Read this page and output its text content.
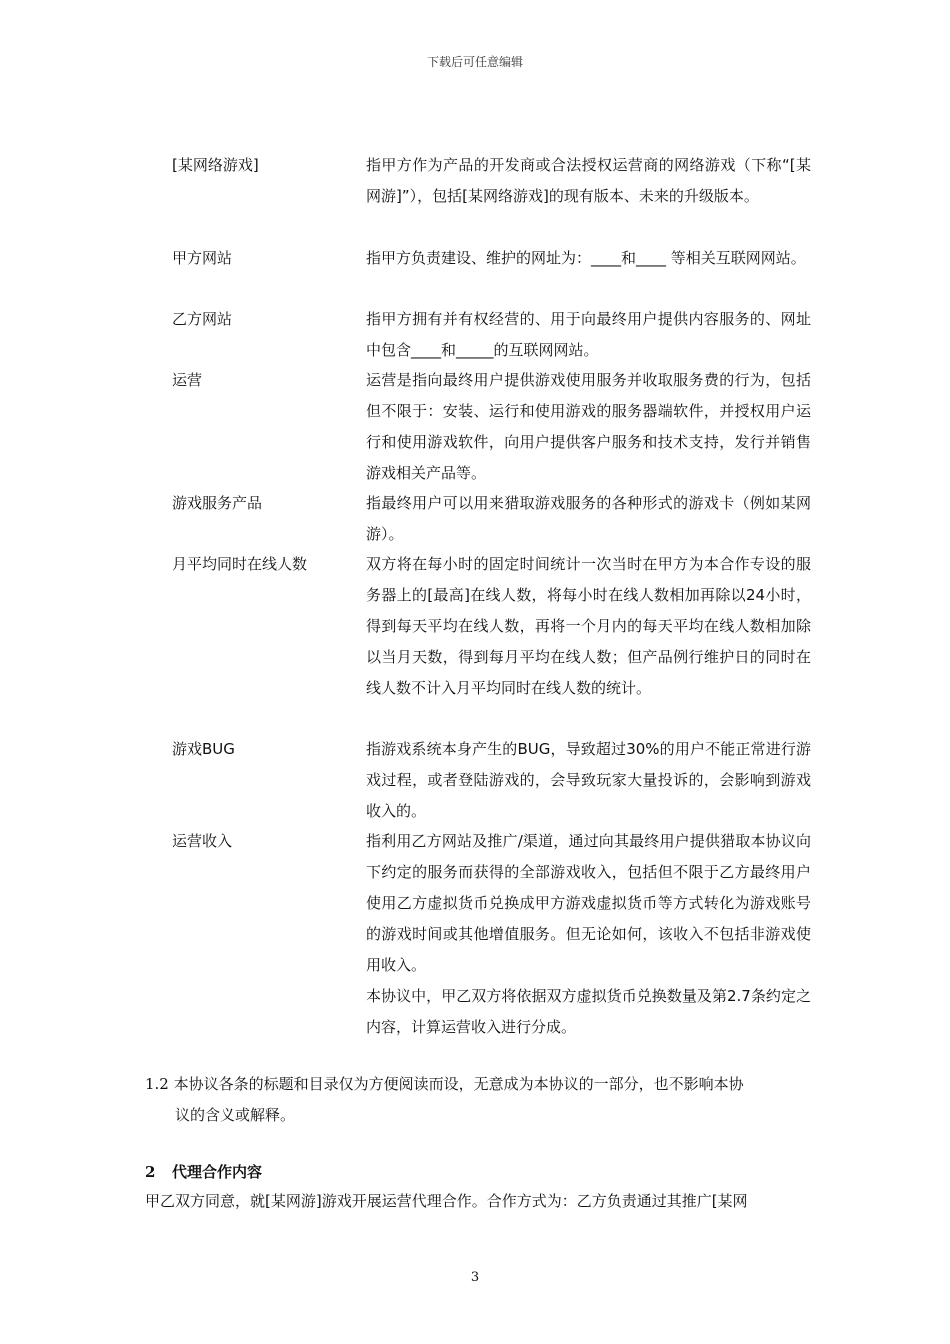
下载后可任意编辑
[某网络游戏]	指甲方作为产品的开发商或合法授权运营商的网络游戏（下称“[某网游]”），包括[某网络游戏]的现有版本、未来的升级版本。

甲方网站	指甲方负责建设、维护的网址为：____和____ 等相关互联网网站。

乙方网站	指甲方拥有并有权经营的、用于向最终用户提供内容服务的、网址中包含____和_____的互联网网站。

运营	运营是指向最终用户提供游戏使用服务并收取服务费的行为，包括但不限于：安装、运行和使用游戏的服务器端软件，并授权用户运行和使用游戏软件，向用户提供客户服务和技术支持，发行并销售游戏相关产品等。

游戏服务产品	指最终用户可以用来猎取游戏服务的各种形式的游戏卡（例如某网游）。

月平均同时在线人数	双方将在每小时的固定时间统计一次当时在甲方为本合作专设的服务器上的[最高]在线人数，将每小时在线人数相加再除以24小时，得到每天平均在线人数，再将一个月内的每天平均在线人数相加除以当月天数，得到每月平均在线人数；但产品例行维护日的同时在线人数不计入月平均同时在线人数的统计。

游戏BUG	指游戏系统本身产生的BUG，导致超过30%的用户不能正常进行游戏过程，或者登陆游戏的，会导致玩家大量投诉的，会影响到游戏收入的。

运营收入	指利用乙方网站及推广/渠道，通过向其最终用户提供猎取本协议向下约定的服务而获得的全部游戏收入，包括但不限于乙方最终用户使用乙方虚拟货币兑换成甲方游戏虚拟货币等方式转化为游戏账号的游戏时间或其他增值服务。但无论如何，该收入不包括非游戏使用收入。

本协议中，甲乙双方将依据双方虚拟货币兑换数量及第2.7条约定之内容，计算运营收入进行分成。

1.2 本协议各条的标题和目录仅为方便阅读而设，无意成为本协议的一部分，也不影响本协

议的含义或解释。

2 代理合作内容
甲乙双方同意，就[某网游]游戏开展运营代理合作。合作方式为：乙方负责通过其推广[某网
3
